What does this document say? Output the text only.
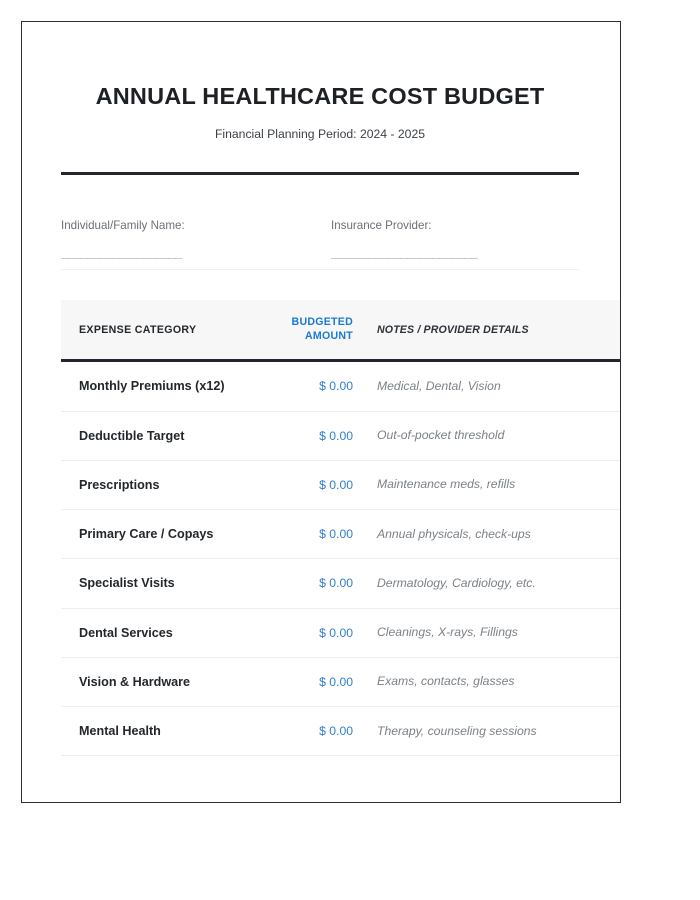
ANNUAL HEALTHCARE COST BUDGET
Financial Planning Period: 2024 - 2025
Individual/Family Name:
___________________
Insurance Provider:
_______________________
EXPENSE CATEGORY	BUDGETED AMOUNT	NOTES / PROVIDER DETAILS
Monthly Premiums (x12)	$ 0.00	Medical, Dental, Vision
Deductible Target	$ 0.00	Out-of-pocket threshold
Prescriptions	$ 0.00	Maintenance meds, refills
Primary Care / Copays	$ 0.00	Annual physicals, check-ups
Specialist Visits	$ 0.00	Dermatology, Cardiology, etc.
Dental Services	$ 0.00	Cleanings, X-rays, Fillings
Vision & Hardware	$ 0.00	Exams, contacts, glasses
Mental Health	$ 0.00	Therapy, counseling sessions
